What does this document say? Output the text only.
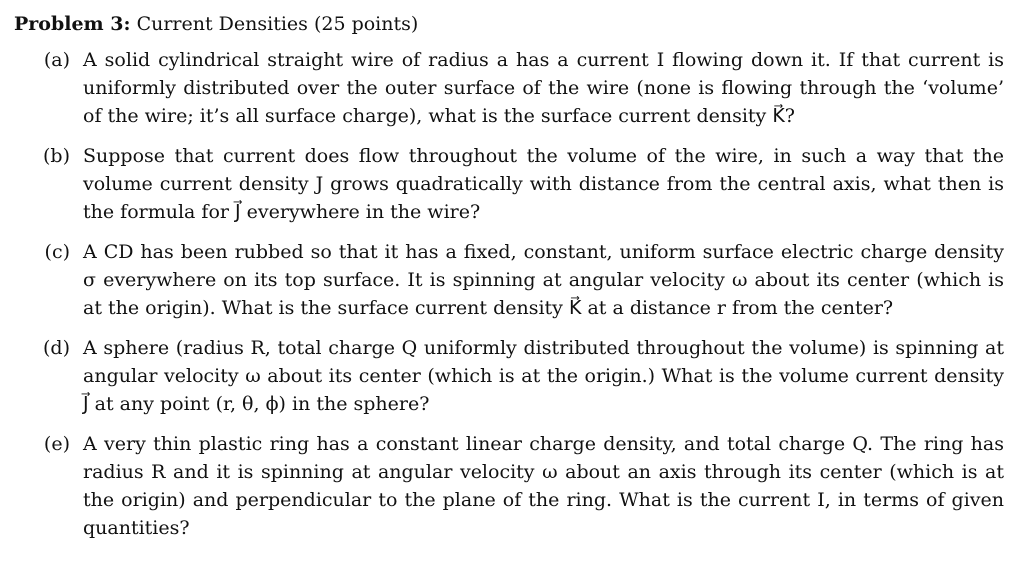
Problem 3: Current Densities (25 points)
(a) A solid cylindrical straight wire of radius a has a current I flowing down it. If that current is
uniformly distributed over the outer surface of the wire (none is flowing through the ‘volume’
of the wire; it’s all surface charge), what is the surface current density K⃗?
(b) Suppose that current does flow throughout the volume of the wire, in such a way that the
volume current density J grows quadratically with distance from the central axis, what then is
the formula for J⃗ everywhere in the wire?
(c) A CD has been rubbed so that it has a fixed, constant, uniform surface electric charge density
σ everywhere on its top surface. It is spinning at angular velocity ω about its center (which is
at the origin). What is the surface current density K⃗ at a distance r from the center?
(d) A sphere (radius R, total charge Q uniformly distributed throughout the volume) is spinning at
angular velocity ω about its center (which is at the origin.) What is the volume current density
J⃗ at any point (r, θ, ϕ) in the sphere?
(e) A very thin plastic ring has a constant linear charge density, and total charge Q. The ring has
radius R and it is spinning at angular velocity ω about an axis through its center (which is at
the origin) and perpendicular to the plane of the ring. What is the current I, in terms of given
quantities?
